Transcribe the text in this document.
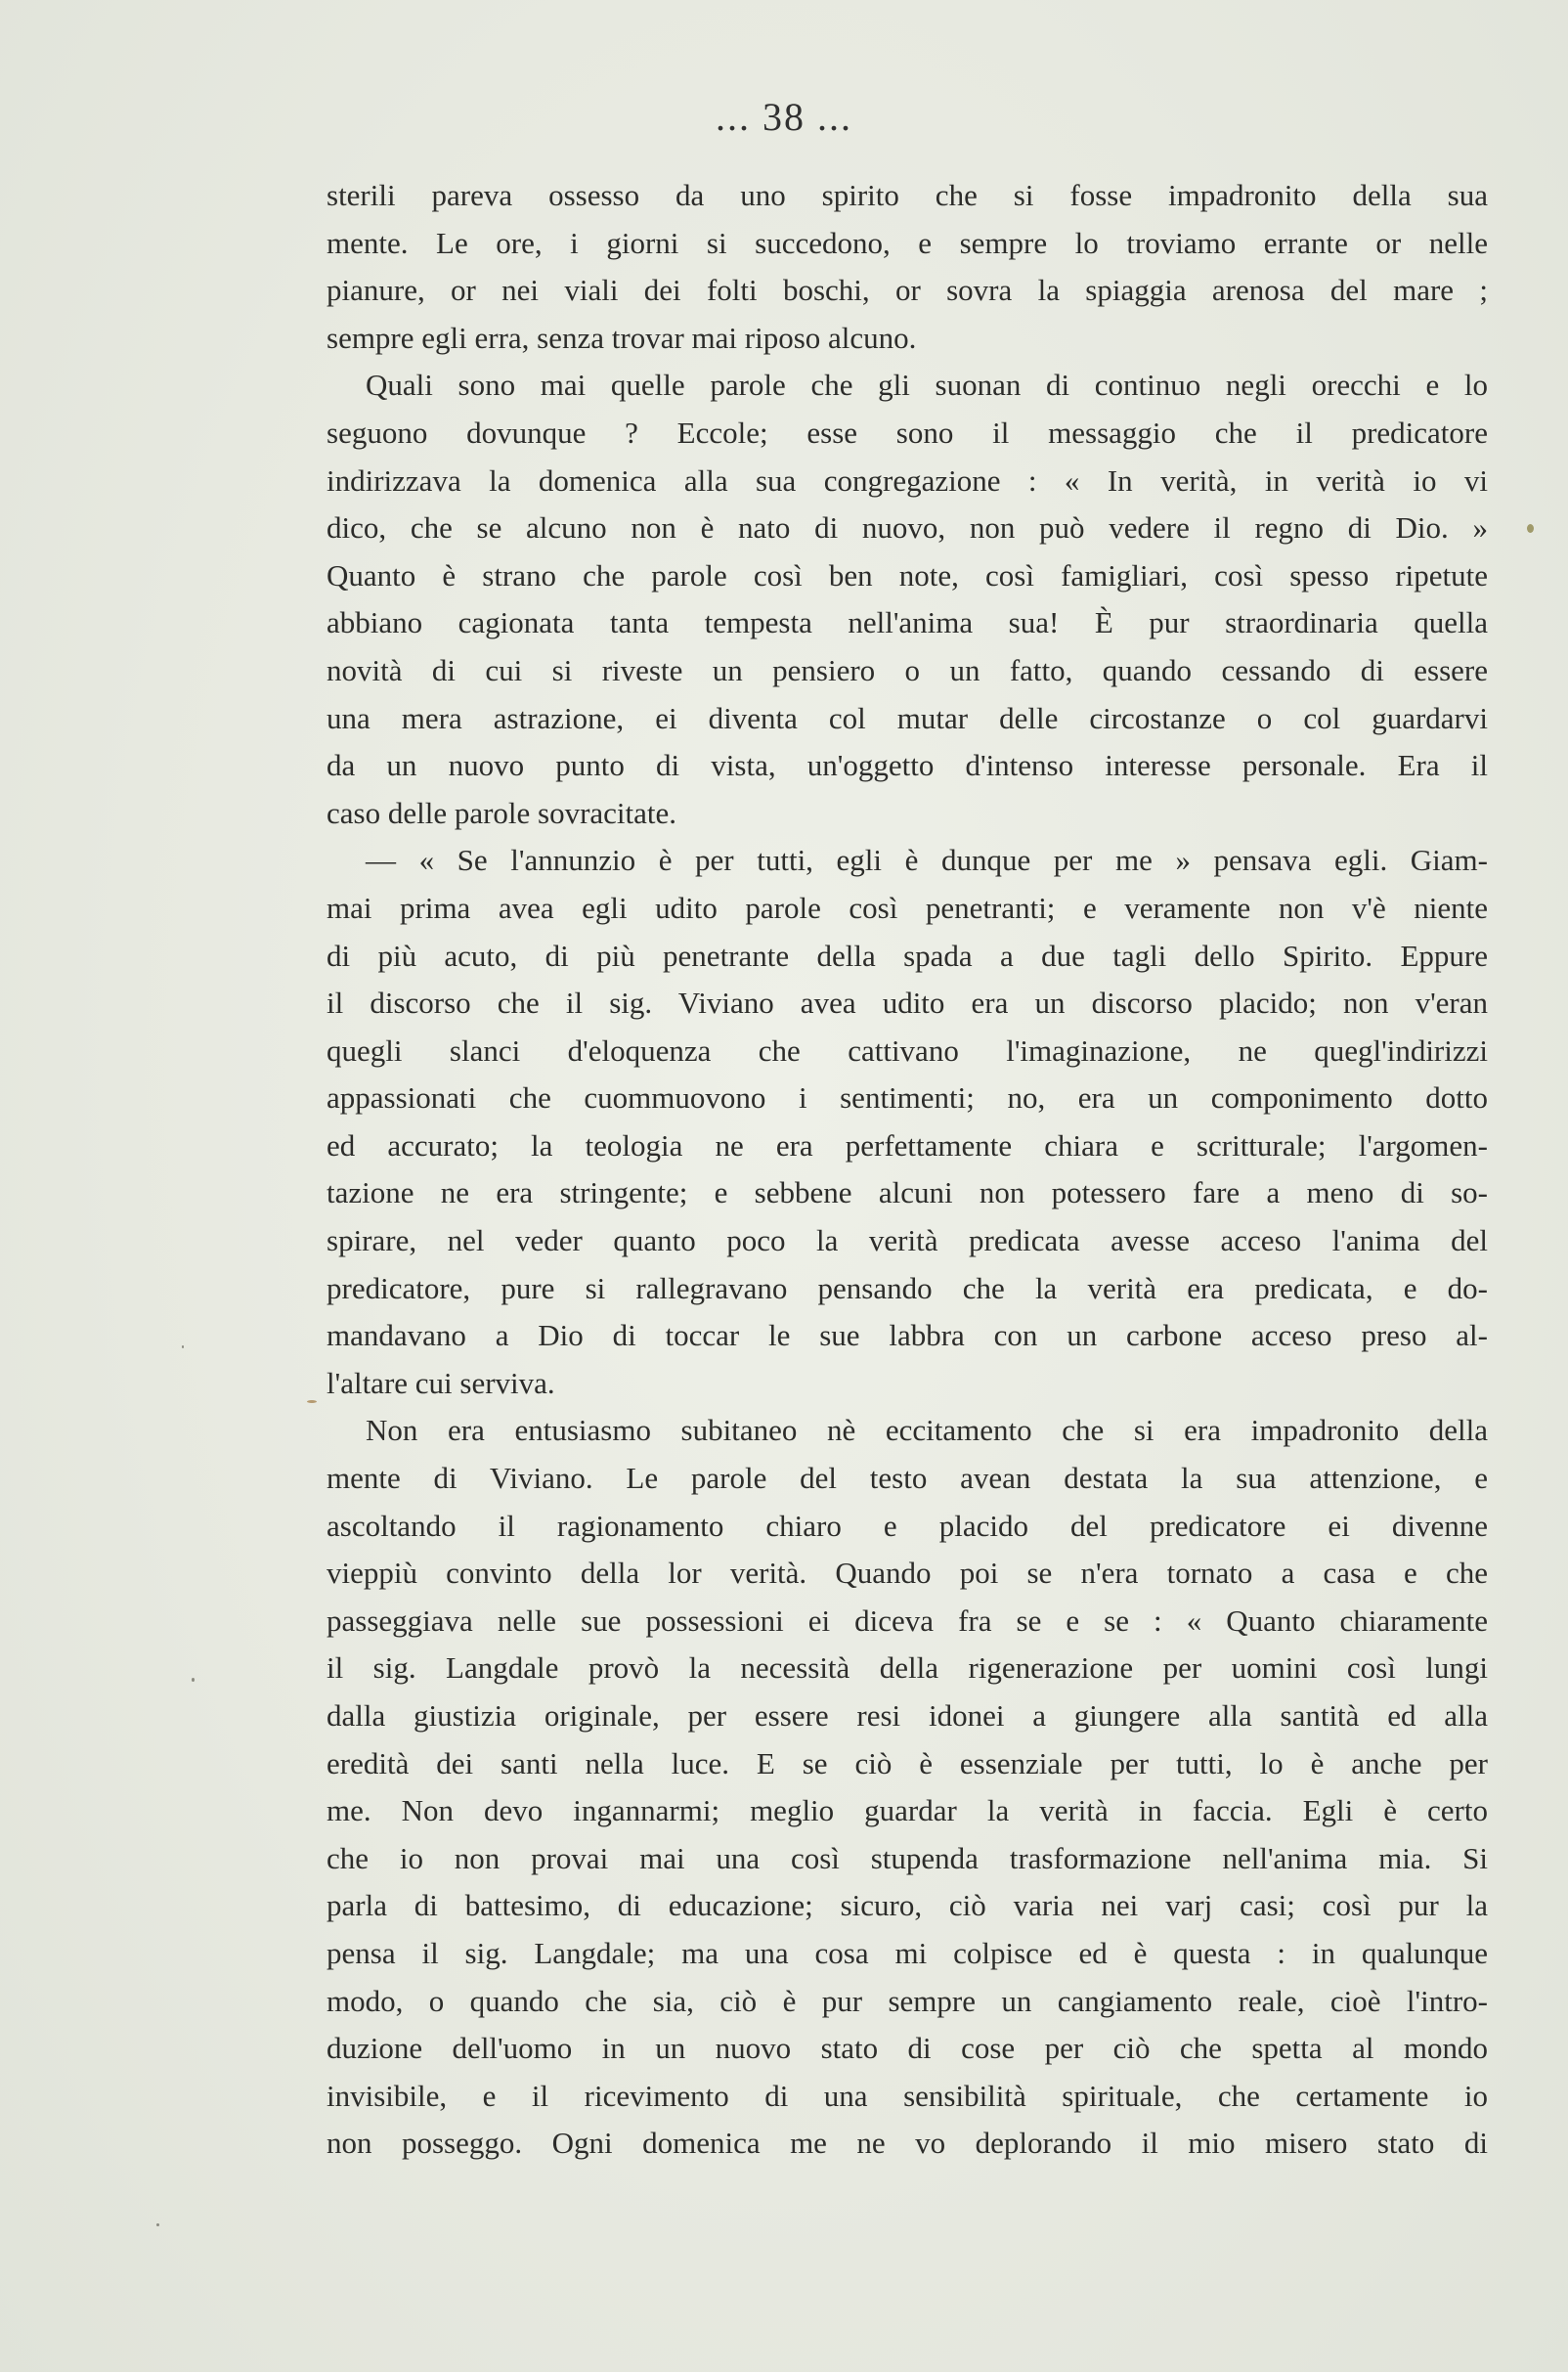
... 38 ...
sterili pareva ossesso da uno spirito che si fosse impadronito della sua
mente. Le ore, i giorni si succedono, e sempre lo troviamo errante or nelle
pianure, or nei viali dei folti boschi, or sovra la spiaggia arenosa del mare ;
sempre egli erra, senza trovar mai riposo alcuno.
Quali sono mai quelle parole che gli suonan di continuo negli orecchi e lo
seguono dovunque ? Eccole; esse sono il messaggio che il predicatore
indirizzava la domenica alla sua congregazione : « In verità, in verità io vi
dico, che se alcuno non è nato di nuovo, non può vedere il regno di Dio. »
Quanto è strano che parole così ben note, così famigliari, così spesso ripetute
abbiano cagionata tanta tempesta nell'anima sua! È pur straordinaria quella
novità di cui si riveste un pensiero o un fatto, quando cessando di essere
una mera astrazione, ei diventa col mutar delle circostanze o col guardarvi
da un nuovo punto di vista, un'oggetto d'intenso interesse personale. Era il
caso delle parole sovracitate.
— « Se l'annunzio è per tutti, egli è dunque per me » pensava egli. Giam-
mai prima avea egli udito parole così penetranti; e veramente non v'è niente
di più acuto, di più penetrante della spada a due tagli dello Spirito. Eppure
il discorso che il sig. Viviano avea udito era un discorso placido; non v'eran
quegli slanci d'eloquenza che cattivano l'imaginazione, ne quegl'indirizzi
appassionati che cuommuovono i sentimenti; no, era un componimento dotto
ed accurato; la teologia ne era perfettamente chiara e scritturale; l'argomen-
tazione ne era stringente; e sebbene alcuni non potessero fare a meno di so-
spirare, nel veder quanto poco la verità predicata avesse acceso l'anima del
predicatore, pure si rallegravano pensando che la verità era predicata, e do-
mandavano a Dio di toccar le sue labbra con un carbone acceso preso al-
l'altare cui serviva.
Non era entusiasmo subitaneo nè eccitamento che si era impadronito della
mente di Viviano. Le parole del testo avean destata la sua attenzione, e
ascoltando il ragionamento chiaro e placido del predicatore ei divenne
vieppiù convinto della lor verità. Quando poi se n'era tornato a casa e che
passeggiava nelle sue possessioni ei diceva fra se e se : « Quanto chiaramente
il sig. Langdale provò la necessità della rigenerazione per uomini così lungi
dalla giustizia originale, per essere resi idonei a giungere alla santità ed alla
eredità dei santi nella luce. E se ciò è essenziale per tutti, lo è anche per
me. Non devo ingannarmi; meglio guardar la verità in faccia. Egli è certo
che io non provai mai una così stupenda trasformazione nell'anima mia. Si
parla di battesimo, di educazione; sicuro, ciò varia nei varj casi; così pur la
pensa il sig. Langdale; ma una cosa mi colpisce ed è questa : in qualunque
modo, o quando che sia, ciò è pur sempre un cangiamento reale, cioè l'intro-
duzione dell'uomo in un nuovo stato di cose per ciò che spetta al mondo
invisibile, e il ricevimento di una sensibilità spirituale, che certamente io
non posseggo. Ogni domenica me ne vo deplorando il mio misero stato di
